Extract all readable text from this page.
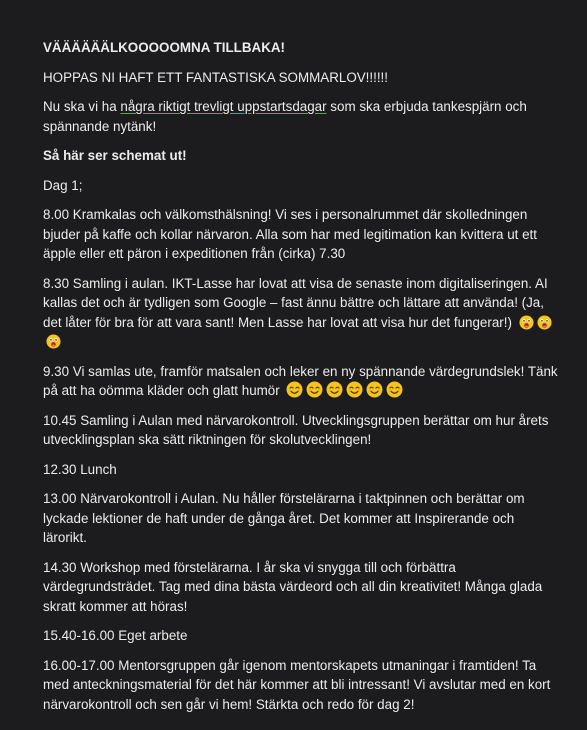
VÄÄÄÄÄÄLKOOOOOMNA TILLBAKA!

HOPPAS NI HAFT ETT FANTASTISKA SOMMARLOV!!!!!!

Nu ska vi ha några riktigt trevligt uppstartsdagar som ska erbjuda tankespjärn och spännande nytänk!

Så här ser schemat ut!

Dag 1;

8.00 Kramkalas och välkomsthälsning! Vi ses i personalrummet där skolledningen bjuder på kaffe och kollar närvaron. Alla som har med legitimation kan kvittera ut ett äpple eller ett päron i expeditionen från (cirka) 7.30

8.30 Samling i aulan. IKT-Lasse har lovat att visa de senaste inom digitaliseringen. AI kallas det och är tydligen som Google – fast ännu bättre och lättare att använda! (Ja, det låter för bra för att vara sant! Men Lasse har lovat att visa hur det fungerar!)

9.30 Vi samlas ute, framför matsalen och leker en ny spännande värdegrundslek! Tänk på att ha oömma kläder och glatt humör

10.45 Samling i Aulan med närvarokontroll. Utvecklingsgruppen berättar om hur årets utvecklingsplan ska sätt riktningen för skolutvecklingen!

12.30 Lunch

13.00 Närvarokontroll i Aulan. Nu håller förstelärarna i taktpinnen och berättar om lyckade lektioner de haft under de gånga året. Det kommer att Inspirerande och lärorikt.

14.30 Workshop med förstelärarna. I år ska vi snygga till och förbättra värdegrundsträdet. Tag med dina bästa värdeord och all din kreativitet! Många glada skratt kommer att höras!

15.40-16.00 Eget arbete

16.00-17.00 Mentorsgruppen går igenom mentorskapets utmaningar i framtiden! Ta med anteckningsmaterial för det här kommer att bli intressant! Vi avslutar med en kort närvarokontroll och sen går vi hem! Stärkta och redo för dag 2!
